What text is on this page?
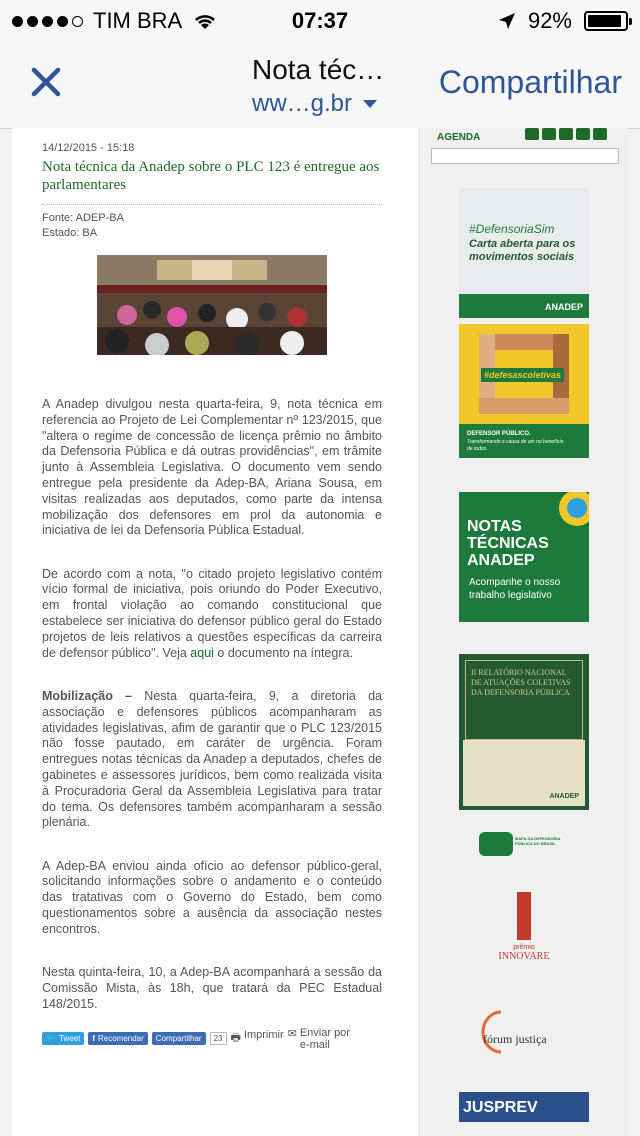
TIM BRA	07:37	92%
Nota téc…
ww…g.br
Compartilhar
14/12/2015 - 15:18
Nota técnica da Anadep sobre o PLC 123 é entregue aos parlamentares
Fonte: ADEP-BA
Estado: BA

A Anadep divulgou nesta quarta-feira, 9, nota técnica em referencia ao Projeto de Lei Complementar nº 123/2015, que "altera o regime de concessão de licença prêmio no âmbito da Defensoria Pública e dá outras providências", em trâmite junto à Assembleia Legislativa. O documento vem sendo entregue pela presidente da Adep-BA, Ariana Sousa, em visitas realizadas aos deputados, como parte da intensa mobilização dos defensores em prol da autonomia e iniciativa de lei da Defensoria Pública Estadual.

De acordo com a nota, "o citado projeto legislativo contém vício formal de iniciativa, pois oriundo do Poder Executivo, em frontal violação ao comando constitucional que estabelece ser iniciativa do defensor público geral do Estado projetos de leis relativos a questões específicas da carreira de defensor público". Veja aqui o documento na íntegra.

Mobilização – Nesta quarta-feira, 9, a diretoria da associação e defensores públicos acompanharam as atividades legislativas, afim de garantir que o PLC 123/2015 não fosse pautado, em caráter de urgência. Foram entregues notas técnicas da Anadep a deputados, chefes de gabinetes e assessores jurídicos, bem como realizada visita à Procuradoria Geral da Assembleia Legislativa para tratar do tema. Os defensores também acompanharam a sessão plenária.

A Adep-BA enviou ainda ofício ao defensor público-geral, solicitando informações sobre o andamento e o conteúdo das tratativas com o Governo do Estado, bem como questionamentos sobre a ausência da associação nestes encontros.

Nesta quinta-feira, 10, a Adep-BA acompanhará a sessão da Comissão Mista, às 18h, que tratará da PEC Estadual 148/2015.

🐦 Tweet f Recomendar	Compartilhar	23 🖶 Imprimir ✉ Enviar por e-mail
AGENDA
#DefensoriaSim
Carta aberta para os movimentos sociais
ANADEP
#defesascoletivas
DEFENSOR PÚBLICO.
Transformando a causa de um no benefício de todos.
NOTAS TÉCNICAS ANADEP
Acompanhe o nosso trabalho legislativo
II RELATÓRIO NACIONAL DE ATUAÇÕES COLETIVAS DA DEFENSORIA PÚBLICA
ANADEP
MAPA DA DEFENSORIA PÚBLICA NO BRASIL
prêmio
INNOVARE
fórum justiça
JUSPREV
